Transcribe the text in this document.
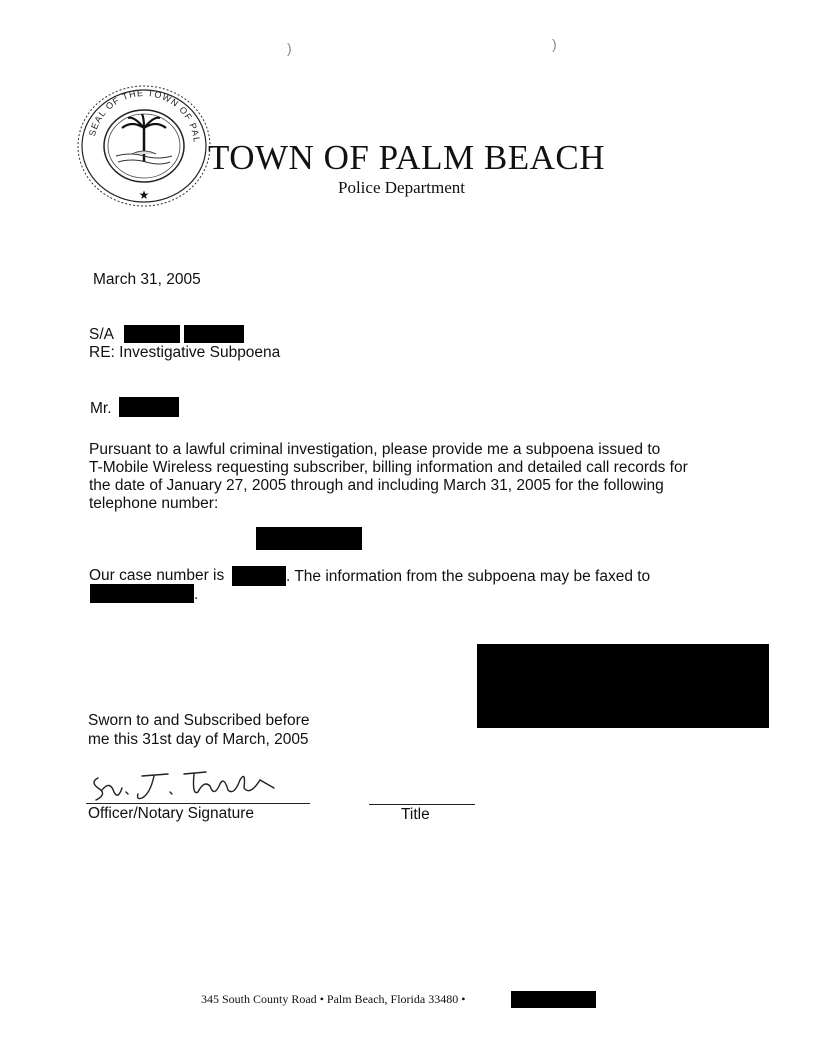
)	)
SEAL OF THE TOWN OF PAL
★
TOWN OF PALM BEACH
Police Department
March 31, 2005
S/A
RE: Investigative Subpoena
Mr.
Pursuant to a lawful criminal investigation, please provide me a subpoena issued to
T-Mobile Wireless requesting subscriber, billing information and detailed call records for
the date of January 27, 2005 through and including March 31, 2005 for the following
telephone number:
Our case number is	. The information from the subpoena may be faxed to
.
Sworn to and Subscribed before
me this 31st day of March, 2005
Officer/Notary Signature	Title
345 South County Road • Palm Beach, Florida 33480 •
